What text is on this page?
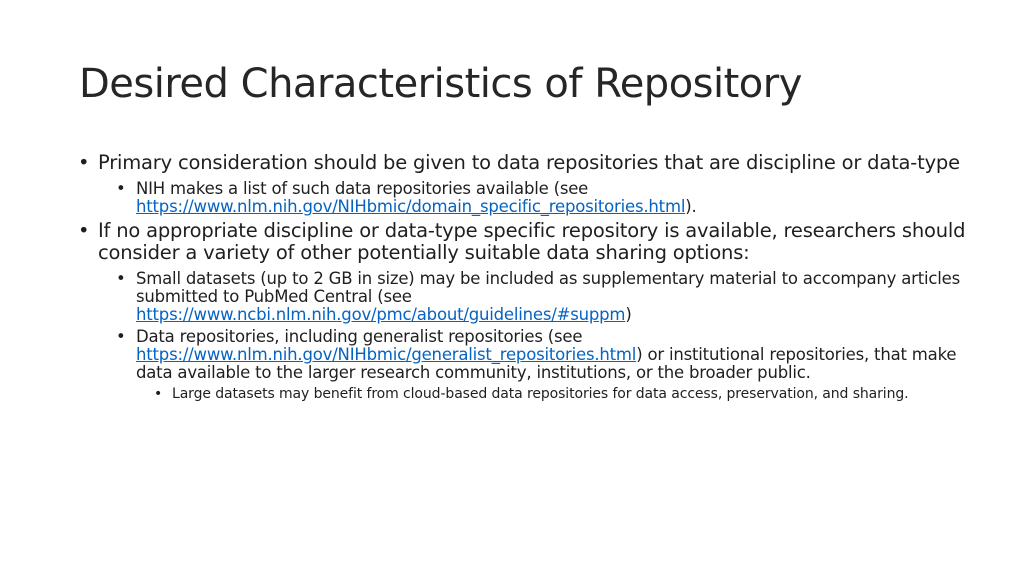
Desired Characteristics of Repository
• Primary consideration should be given to data repositories that are discipline or data-type
• NIH makes a list of such data repositories available (see
https://www.nlm.nih.gov/NIHbmic/domain_specific_repositories.html).
• If no appropriate discipline or data-type specific repository is available, researchers should consider a variety of other potentially suitable data sharing options:
• Small datasets (up to 2 GB in size) may be included as supplementary material to accompany articles submitted to PubMed Central (see
https://www.ncbi.nlm.nih.gov/pmc/about/guidelines/#suppm)
• Data repositories, including generalist repositories (see
https://www.nlm.nih.gov/NIHbmic/generalist_repositories.html) or institutional repositories, that make data available to the larger research community, institutions, or the broader public.
• Large datasets may benefit from cloud-based data repositories for data access, preservation, and sharing.
